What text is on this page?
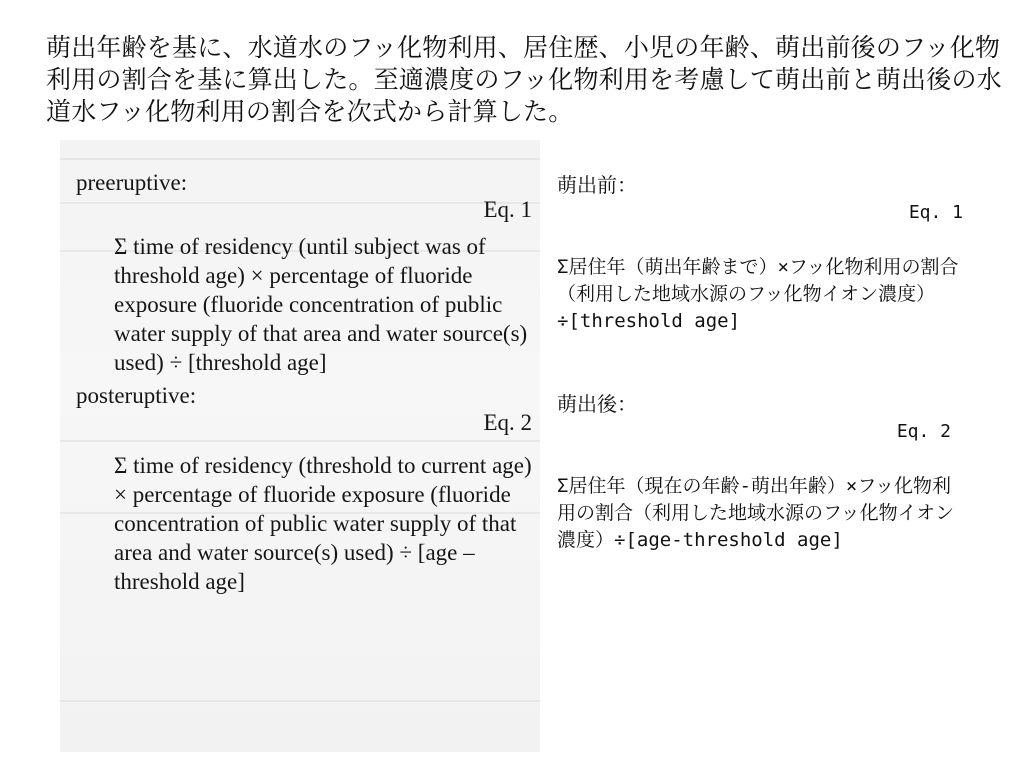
萌出年齢を基に、水道水のフッ化物利用、居住歴、小児の年齢、萌出前後のフッ化物利用の割合を基に算出した。至適濃度のフッ化物利用を考慮して萌出前と萌出後の水道水フッ化物利用の割合を次式から計算した。
preeruptive:
Eq. 1
Σ time of residency (until subject was of threshold age) × percentage of fluoride exposure (fluoride concentration of public water supply of that area and water source(s) used) ÷ [threshold age]
posteruptive:
Eq. 2
Σ time of residency (threshold to current age) × percentage of fluoride exposure (fluoride concentration of public water supply of that area and water source(s) used) ÷ [age – threshold age]
萌出前：
Eq. 1
Σ居住年（萌出年齢まで）×フッ化物利用の割合（利用した地域水源のフッ化物イオン濃度）÷[threshold age]
萌出後：
Eq. 2
Σ居住年（現在の年齢-萌出年齢）×フッ化物利用の割合（利用した地域水源のフッ化物イオン濃度）÷[age-threshold age]
